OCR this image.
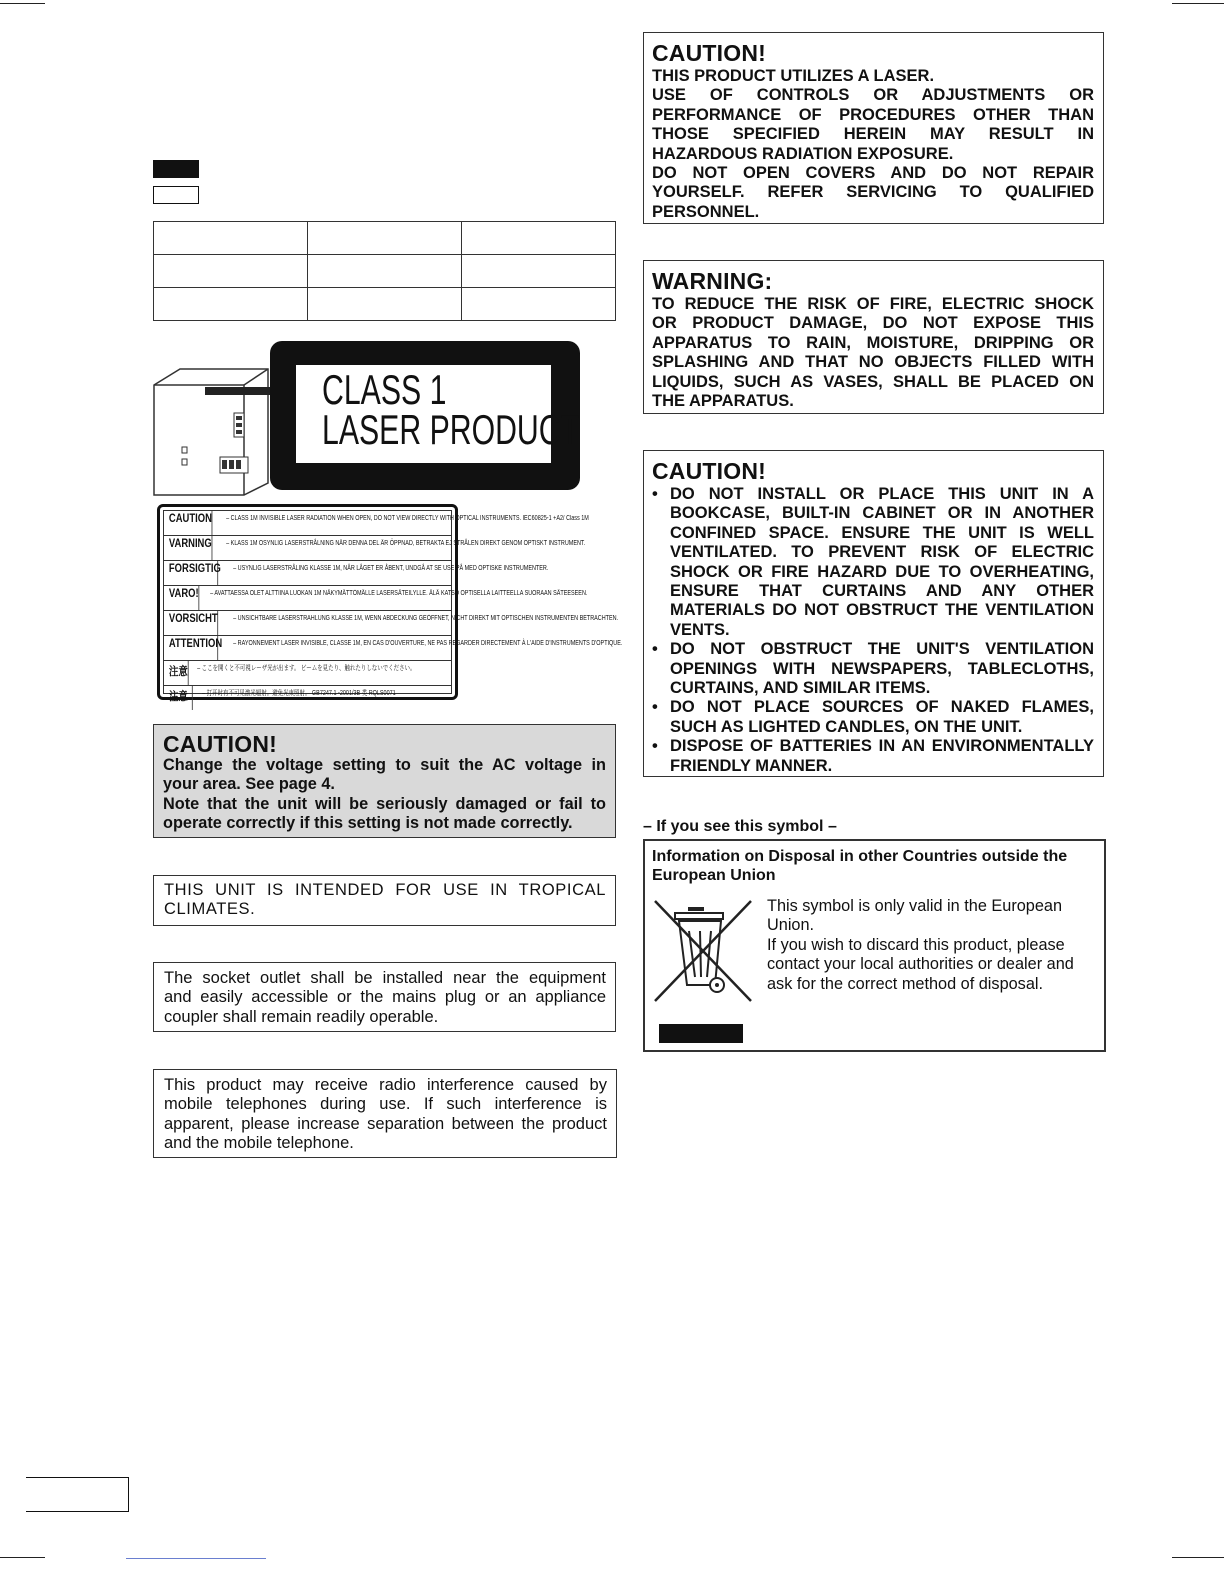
CLASS 1
LASER PRODUCT
CAUTION	– CLASS 1M INVISIBLE LASER RADIATION WHEN OPEN, DO NOT VIEW DIRECTLY WITH OPTICAL INSTRUMENTS. IEC60825-1 +A2/ Class 1M
VARNING	– KLASS 1M OSYNLIG LASERSTRÅLNING NÄR DENNA DEL ÄR ÖPPNAD, BETRAKTA EJ STRÅLEN DIREKT GENOM OPTISKT INSTRUMENT.
FORSIGTIG	– USYNLIG LASERSTRÅLING KLASSE 1M, NÅR LÅGET ER ÅBENT, UNDGÅ AT SE USE PÅ MED OPTISKE INSTRUMENTER.
VARO!	– AVATTAESSA OLET ALTTIINA LUOKAN 1M NÄKYMÄTTÖMÄLLE LASERSÄTEILYLLE. ÄLÄ KATSO OPTISELLA LAITTEELLA SUORAAN SÄTEESEEN.
VORSICHT	– UNSICHTBARE LASERSTRAHLUNG KLASSE 1M, WENN ABDECKUNG GEÖFFNET, NICHT DIREKT MIT OPTISCHEN INSTRUMENTEN BETRACHTEN.
ATTENTION	– RAYONNEMENT LASER INVISIBLE, CLASSE 1M, EN CAS D'OUVERTURE, NE PAS REGARDER DIRECTEMENT À L'AIDE D'INSTRUMENTS D'OPTIQUE.
注意	– ここを開くと不可視レーザ光が出ます。 ビームを見たり、触れたりしないでください。
注意	– 打开时有不可见激光辐射。避免光束照射。 GB7247.1 -2001/3B 类 RQLS0071
CAUTION!
Change the voltage setting to suit the AC voltage in
your area. See page 4.
Note that the unit will be seriously damaged or fail to
operate correctly if this setting is not made correctly.
THIS UNIT IS INTENDED FOR USE IN TROPICAL
CLIMATES.
The socket outlet shall be installed near the equipment
and easily accessible or the mains plug or an appliance
coupler shall remain readily operable.
This product may receive radio interference caused by
mobile telephones during use. If such interference is
apparent, please increase separation between the product
and the mobile telephone.
CAUTION!
THIS PRODUCT UTILIZES A LASER.
USE OF CONTROLS OR ADJUSTMENTS OR
PERFORMANCE OF PROCEDURES OTHER THAN
THOSE SPECIFIED HEREIN MAY RESULT IN
HAZARDOUS RADIATION EXPOSURE.
DO NOT OPEN COVERS AND DO NOT REPAIR
YOURSELF. REFER SERVICING TO QUALIFIED
PERSONNEL.
WARNING:
TO REDUCE THE RISK OF FIRE, ELECTRIC SHOCK
OR PRODUCT DAMAGE, DO NOT EXPOSE THIS
APPARATUS TO RAIN, MOISTURE, DRIPPING OR
SPLASHING AND THAT NO OBJECTS FILLED WITH
LIQUIDS, SUCH AS VASES, SHALL BE PLACED ON
THE APPARATUS.
CAUTION!
• DO NOT INSTALL OR PLACE THIS UNIT IN A
BOOKCASE, BUILT-IN CABINET OR IN ANOTHER
CONFINED SPACE. ENSURE THE UNIT IS WELL
VENTILATED. TO PREVENT RISK OF ELECTRIC
SHOCK OR FIRE HAZARD DUE TO OVERHEATING,
ENSURE THAT CURTAINS AND ANY OTHER
MATERIALS DO NOT OBSTRUCT THE VENTILATION
VENTS.
• DO NOT OBSTRUCT THE UNIT'S VENTILATION
OPENINGS WITH NEWSPAPERS, TABLECLOTHS,
CURTAINS, AND SIMILAR ITEMS.
• DO NOT PLACE SOURCES OF NAKED FLAMES,
SUCH AS LIGHTED CANDLES, ON THE UNIT.
• DISPOSE OF BATTERIES IN AN ENVIRONMENTALLY
FRIENDLY MANNER.
– If you see this symbol –
Information on Disposal in other Countries outside the
European Union
This symbol is only valid in the European
Union.
If you wish to discard this product, please
contact your local authorities or dealer and
ask for the correct method of disposal.
